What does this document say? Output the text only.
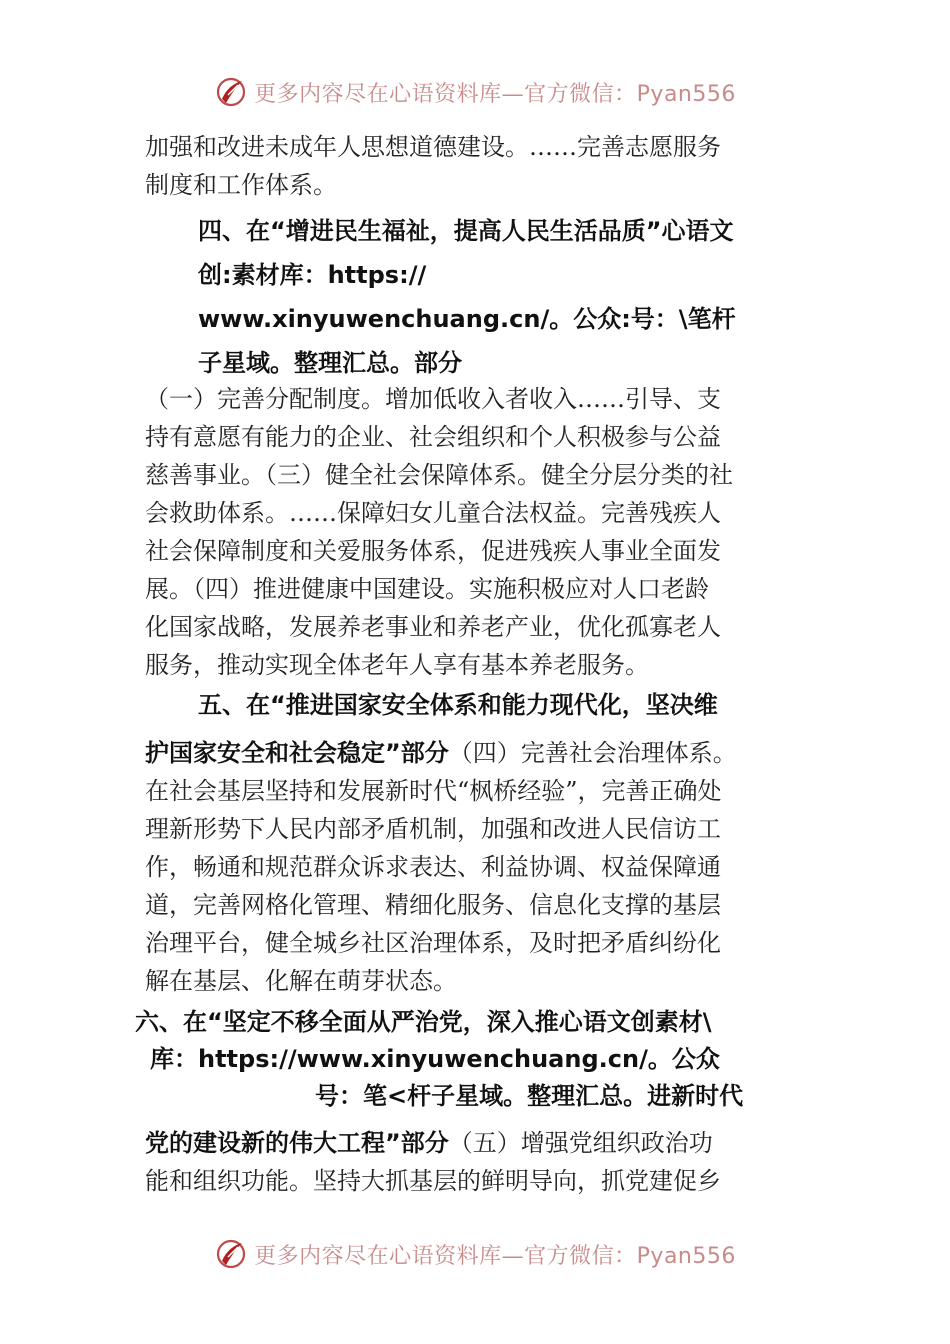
更多内容尽在心语资料库—官方微信：Pyan556
加强和改进未成年人思想道德建设。……完善志愿服务
制度和工作体系。
四、在“增进民生福祉，提高人民生活品质”心语文
创:素材库：https://
www.xinyuwenchuang.cn/。公众:号：\笔杆
子星域。整理汇总。部分
（一）完善分配制度。增加低收入者收入……引导、支
持有意愿有能力的企业、社会组织和个人积极参与公益
慈善事业。（三）健全社会保障体系。健全分层分类的社
会救助体系。……保障妇女儿童合法权益。完善残疾人
社会保障制度和关爱服务体系，促进残疾人事业全面发
展。（四）推进健康中国建设。实施积极应对人口老龄
化国家战略，发展养老事业和养老产业，优化孤寡老人
服务，推动实现全体老年人享有基本养老服务。
五、在“推进国家安全体系和能力现代化，坚决维
护国家安全和社会稳定”部分（四）完善社会治理体系。
在社会基层坚持和发展新时代“枫桥经验”，完善正确处
理新形势下人民内部矛盾机制，加强和改进人民信访工
作，畅通和规范群众诉求表达、利益协调、权益保障通
道，完善网格化管理、精细化服务、信息化支撑的基层
治理平台，健全城乡社区治理体系，及时把矛盾纠纷化
解在基层、化解在萌芽状态。
六、在“坚定不移全面从严治党，深入推心语文创素材\
库：https://www.xinyuwenchuang.cn/。公众
号：笔<杆子星域。整理汇总。进新时代
党的建设新的伟大工程”部分（五）增强党组织政治功
能和组织功能。坚持大抓基层的鲜明导向，抓党建促乡
更多内容尽在心语资料库—官方微信：Pyan556
